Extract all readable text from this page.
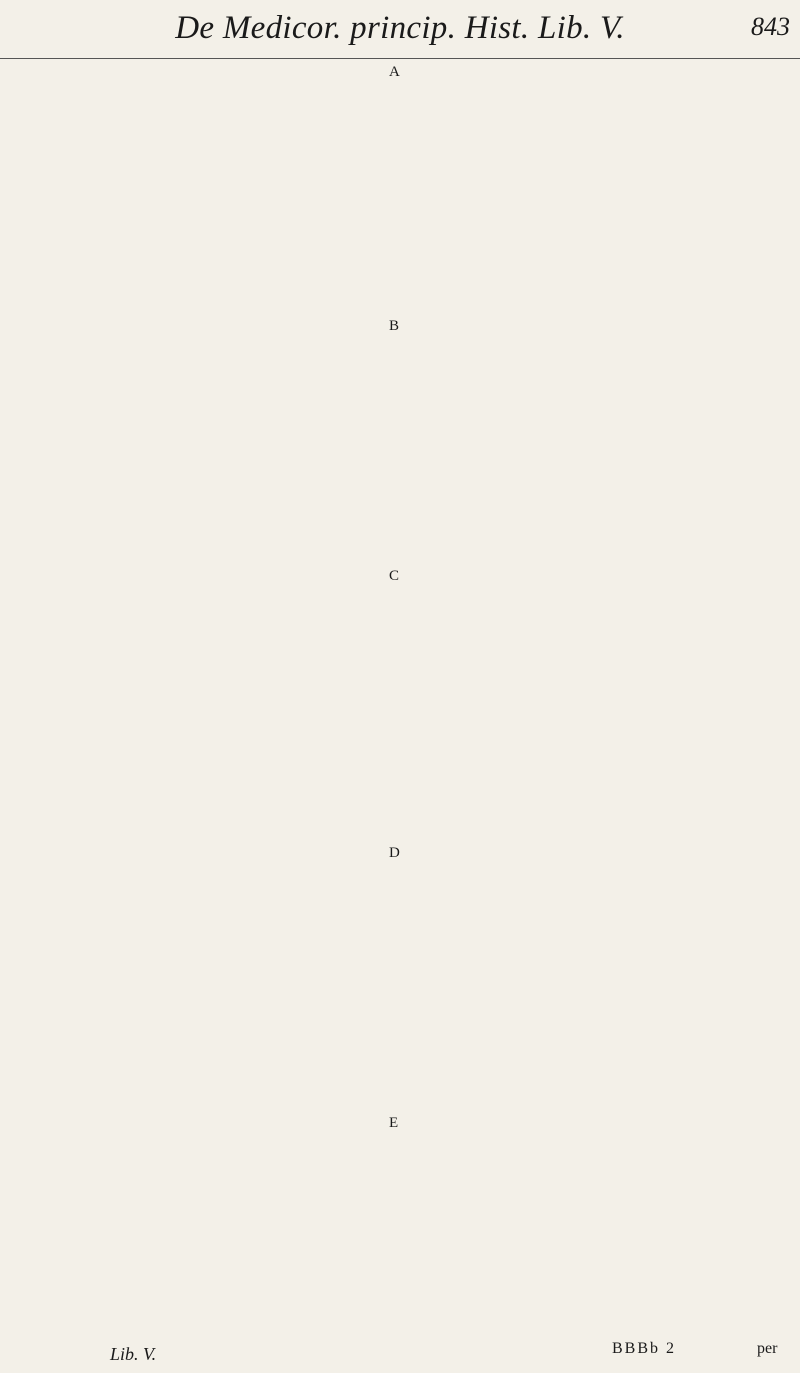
De Medicor. princip. Hist. Lib. V.	843
A
B
C
D
E
Lib. V.	BBBb 2	per
